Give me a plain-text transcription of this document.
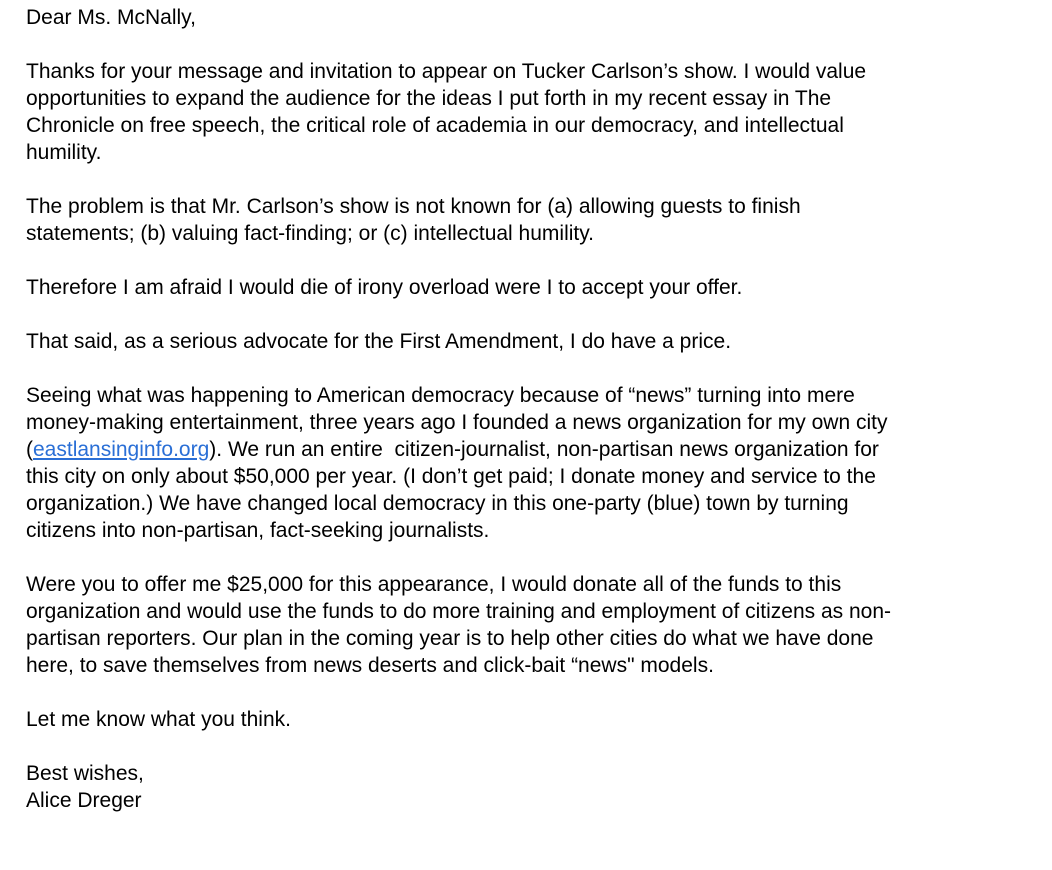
Dear Ms. McNally,
Thanks for your message and invitation to appear on Tucker Carlson’s show. I would value
opportunities to expand the audience for the ideas I put forth in my recent essay in The
Chronicle on free speech, the critical role of academia in our democracy, and intellectual
humility.
The problem is that Mr. Carlson’s show is not known for (a) allowing guests to finish
statements; (b) valuing fact-finding; or (c) intellectual humility.
Therefore I am afraid I would die of irony overload were I to accept your offer.
That said, as a serious advocate for the First Amendment, I do have a price.
Seeing what was happening to American democracy because of “news” turning into mere
money-making entertainment, three years ago I founded a news organization for my own city
(eastlansinginfo.org). We run an entire  citizen-journalist, non-partisan news organization for
this city on only about $50,000 per year. (I don’t get paid; I donate money and service to the
organization.) We have changed local democracy in this one-party (blue) town by turning
citizens into non-partisan, fact-seeking journalists.
Were you to offer me $25,000 for this appearance, I would donate all of the funds to this
organization and would use the funds to do more training and employment of citizens as non-
partisan reporters. Our plan in the coming year is to help other cities do what we have done
here, to save themselves from news deserts and click-bait “news" models.
Let me know what you think.
Best wishes,
Alice Dreger
